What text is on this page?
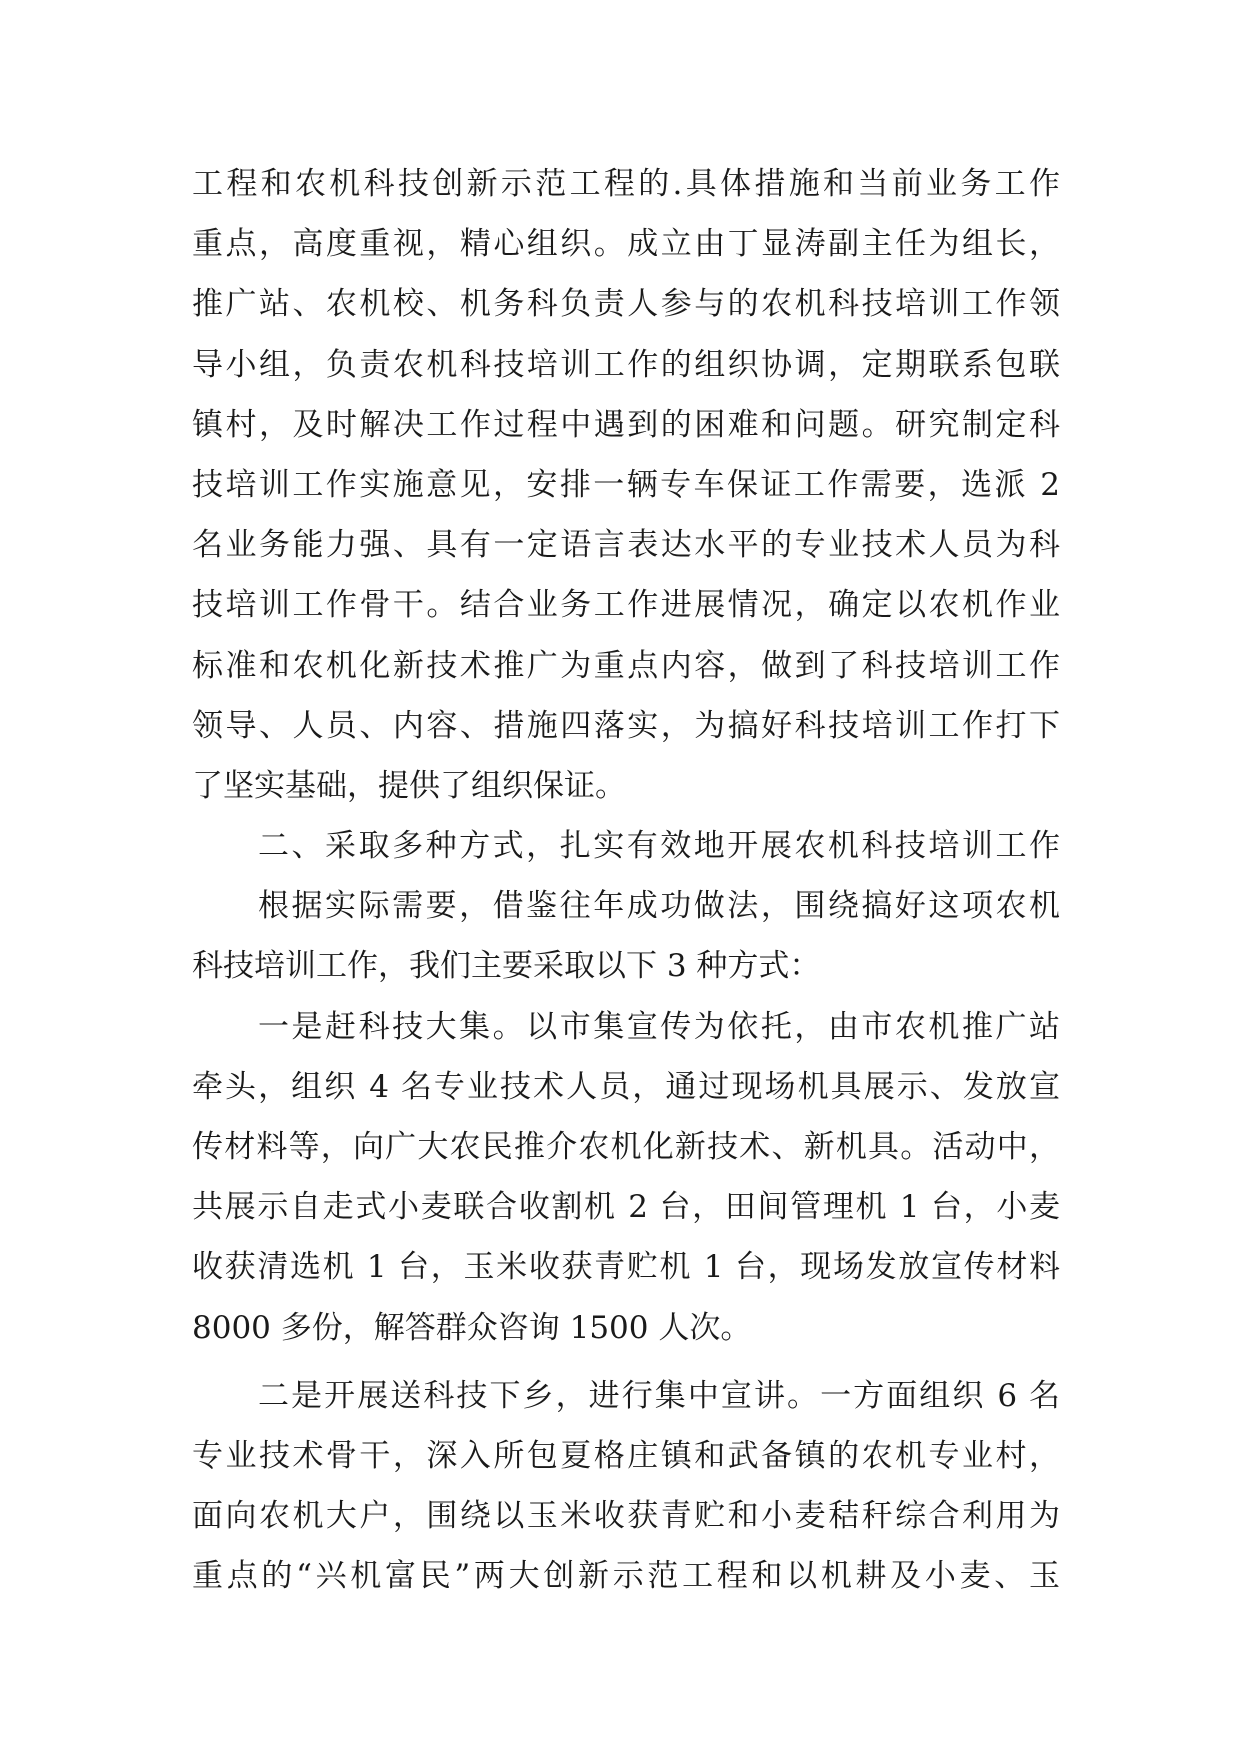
工程和农机科技创新示范工程的.具体措施和当前业务工作
重点，高度重视，精心组织。成立由丁显涛副主任为组长，
推广站、农机校、机务科负责人参与的农机科技培训工作领
导小组，负责农机科技培训工作的组织协调，定期联系包联
镇村，及时解决工作过程中遇到的困难和问题。研究制定科
技培训工作实施意见，安排一辆专车保证工作需要，选派 2
名业务能力强、具有一定语言表达水平的专业技术人员为科
技培训工作骨干。结合业务工作进展情况，确定以农机作业
标准和农机化新技术推广为重点内容，做到了科技培训工作
领导、人员、内容、措施四落实，为搞好科技培训工作打下
了坚实基础，提供了组织保证。
二、采取多种方式，扎实有效地开展农机科技培训工作
根据实际需要，借鉴往年成功做法，围绕搞好这项农机
科技培训工作，我们主要采取以下 3 种方式：
一是赶科技大集。以市集宣传为依托，由市农机推广站
牵头，组织 4 名专业技术人员，通过现场机具展示、发放宣
传材料等，向广大农民推介农机化新技术、新机具。活动中，
共展示自走式小麦联合收割机 2 台，田间管理机 1 台，小麦
收获清选机 1 台，玉米收获青贮机 1 台，现场发放宣传材料
8000 多份，解答群众咨询 1500 人次。
二是开展送科技下乡，进行集中宣讲。一方面组织 6 名
专业技术骨干，深入所包夏格庄镇和武备镇的农机专业村，
面向农机大户，围绕以玉米收获青贮和小麦秸秆综合利用为
重点的“兴机富民”两大创新示范工程和以机耕及小麦、玉
